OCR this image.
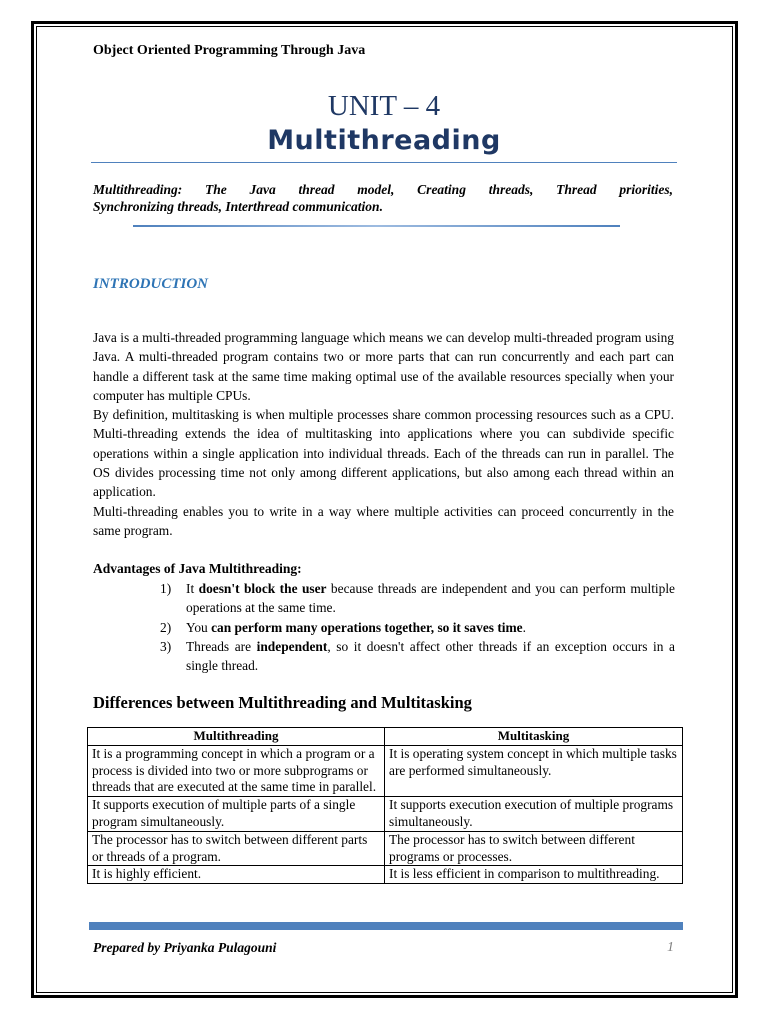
Object Oriented Programming Through Java
UNIT – 4
Multithreading
Multithreading: The Java thread model, Creating threads, Thread priorities,
Synchronizing threads, Interthread communication.
INTRODUCTION

Java is a multi-threaded programming language which means we can develop multi-threaded program using Java. A multi-threaded program contains two or more parts that can run concurrently and each part can handle a different task at the same time making optimal use of the available resources specially when your computer has multiple CPUs.

By definition, multitasking is when multiple processes share common processing resources such as a CPU. Multi-threading extends the idea of multitasking into applications where you can subdivide specific operations within a single application into individual threads. Each of the threads can run in parallel. The OS divides processing time not only among different applications, but also among each thread within an application.

Multi-threading enables you to write in a way where multiple activities can proceed concurrently in the same program.

Advantages of Java Multithreading:
1) It doesn't block the user because threads are independent and you can perform multiple operations at the same time.
2) You can perform many operations together, so it saves time.
3) Threads are independent, so it doesn't affect other threads if an exception occurs in a single thread.
Differences between Multithreading and Multitasking
Multithreading	Multitasking
It is a programming concept in which a program or a process is divided into two or more subprograms or threads that are executed at the same time in parallel.	It is operating system concept in which multiple tasks are performed simultaneously.
It supports execution of multiple parts of a single program simultaneously.	It supports execution execution of multiple programs simultaneously.
The processor has to switch between different parts or threads of a program.	The processor has to switch between different programs or processes.
It is highly efficient.	It is less efficient in comparison to multithreading.
Prepared by Priyanka Pulagouni	1
